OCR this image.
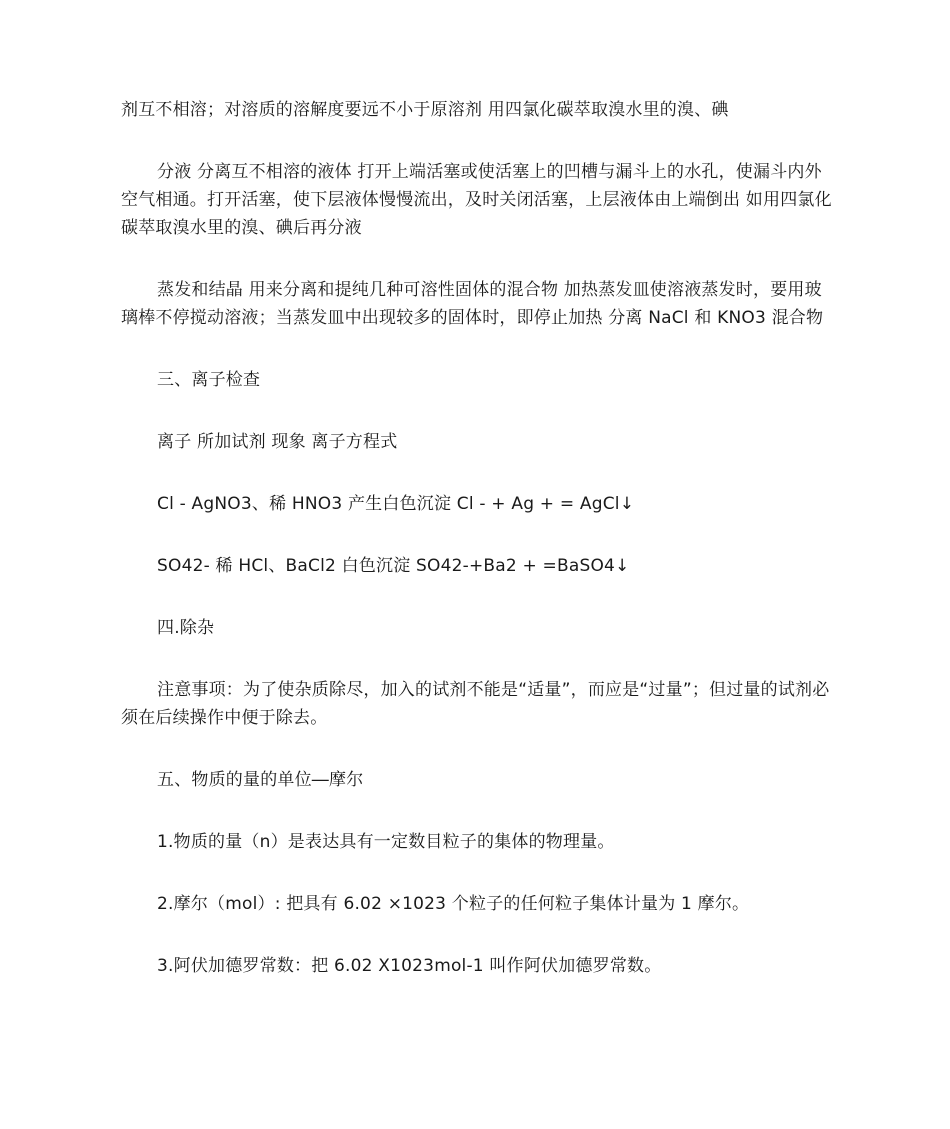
剂互不相溶；对溶质的溶解度要远不小于原溶剂 用四氯化碳萃取溴水里的溴、碘

分液 分离互不相溶的液体 打开上端活塞或使活塞上的凹槽与漏斗上的水孔，使漏斗内外空气相通。打开活塞，使下层液体慢慢流出，及时关闭活塞，上层液体由上端倒出 如用四氯化碳萃取溴水里的溴、碘后再分液

蒸发和结晶 用来分离和提纯几种可溶性固体的混合物 加热蒸发皿使溶液蒸发时，要用玻璃棒不停搅动溶液；当蒸发皿中出现较多的固体时，即停止加热 分离 NaCl 和 KNO3 混合物

三、离子检查

离子 所加试剂 现象 离子方程式

Cl - AgNO3、稀 HNO3 产生白色沉淀 Cl - + Ag + = AgCl↓

SO42- 稀 HCl、BaCl2 白色沉淀 SO42-+Ba2 + =BaSO4↓

四.除杂

注意事项：为了使杂质除尽，加入的试剂不能是“适量”，而应是“过量”；但过量的试剂必须在后续操作中便于除去。

五、物质的量的单位―摩尔

1.物质的量（n）是表达具有一定数目粒子的集体的物理量。

2.摩尔（mol）: 把具有 6.02 ×1023 个粒子的任何粒子集体计量为 1 摩尔。

3.阿伏加德罗常数：把 6.02 X1023mol-1 叫作阿伏加德罗常数。
